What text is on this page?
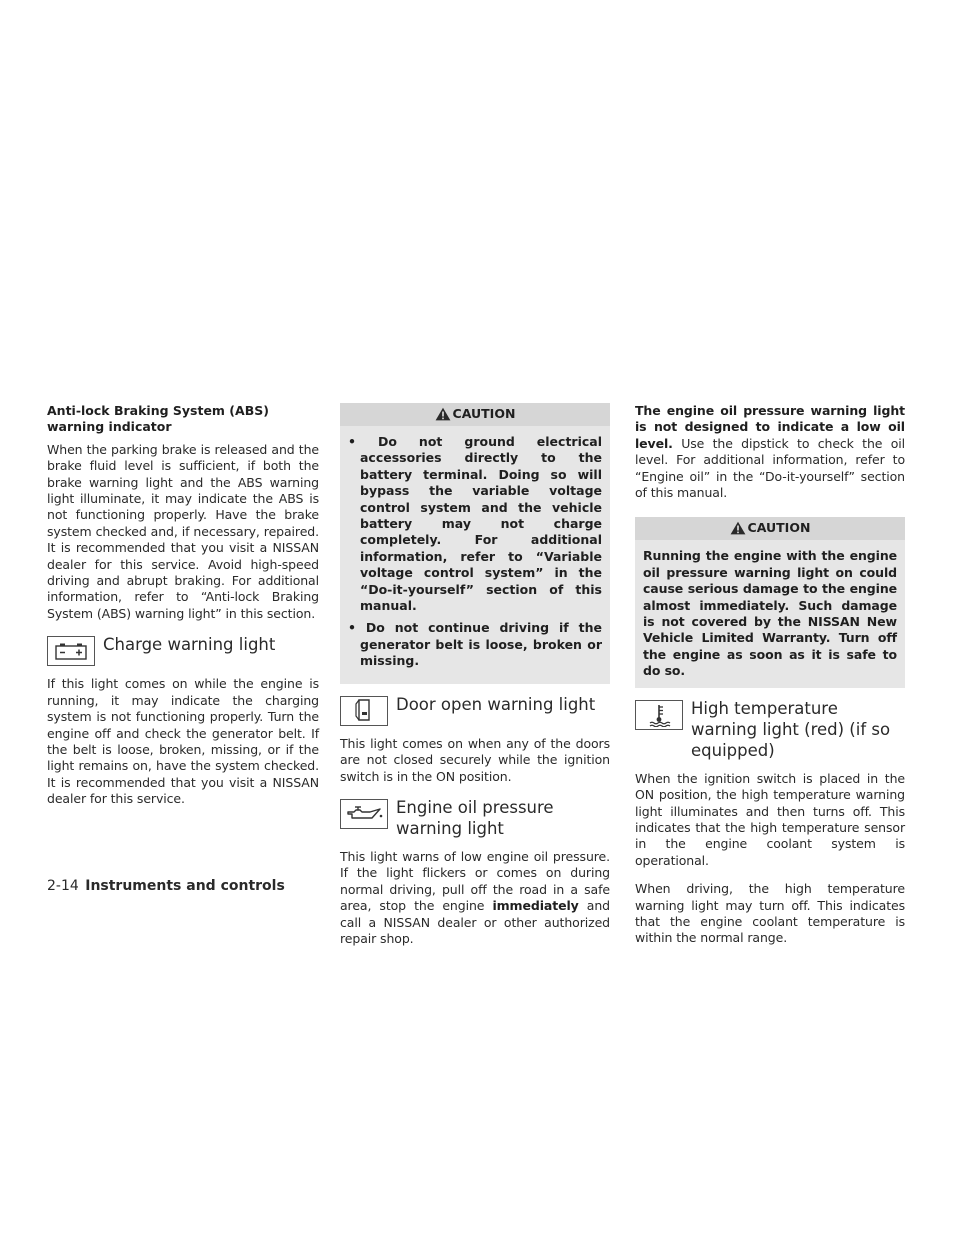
Anti-lock Braking System (ABS) warning indicator

When the parking brake is released and the brake fluid level is sufficient, if both the brake warning light and the ABS warning light illuminate, it may indicate the ABS is not functioning properly. Have the brake system checked and, if necessary, repaired. It is recommended that you visit a NISSAN dealer for this service. Avoid high-speed driving and abrupt braking. For additional information, refer to “Anti-lock Braking System (ABS) warning light” in this section.

Charge warning light

If this light comes on while the engine is running, it may indicate the charging system is not functioning properly. Turn the engine off and check the generator belt. If the belt is loose, broken, missing, or if the light remains on, have the system checked. It is recommended that you visit a NISSAN dealer for this service.

CAUTION
• Do not ground electrical accessories directly to the battery terminal. Doing so will bypass the variable voltage control system and the vehicle battery may not charge completely. For additional information, refer to “Variable voltage control system” in the “Do-it-yourself” section of this manual.
• Do not continue driving if the generator belt is loose, broken or missing.
Door open warning light

This light comes on when any of the doors are not closed securely while the ignition switch is in the ON position.

Engine oil pressure warning light

This light warns of low engine oil pressure. If the light flickers or comes on during normal driving, pull off the road in a safe area, stop the engine immediately and call a NISSAN dealer or other authorized repair shop.

The engine oil pressure warning light is not designed to indicate a low oil level. Use the dipstick to check the oil level. For additional information, refer to “Engine oil” in the “Do-it-yourself” section of this manual.

CAUTION

Running the engine with the engine oil pressure warning light on could cause serious damage to the engine almost immediately. Such damage is not covered by the NISSAN New Vehicle Limited Warranty. Turn off the engine as soon as it is safe to do so.

High temperature warning light (red) (if so equipped)

When the ignition switch is placed in the ON position, the high temperature warning light illuminates and then turns off. This indicates that the high temperature sensor in the engine coolant system is operational.

When driving, the high temperature warning light may turn off. This indicates that the engine coolant temperature is within the normal range.

2-14 Instruments and controls
